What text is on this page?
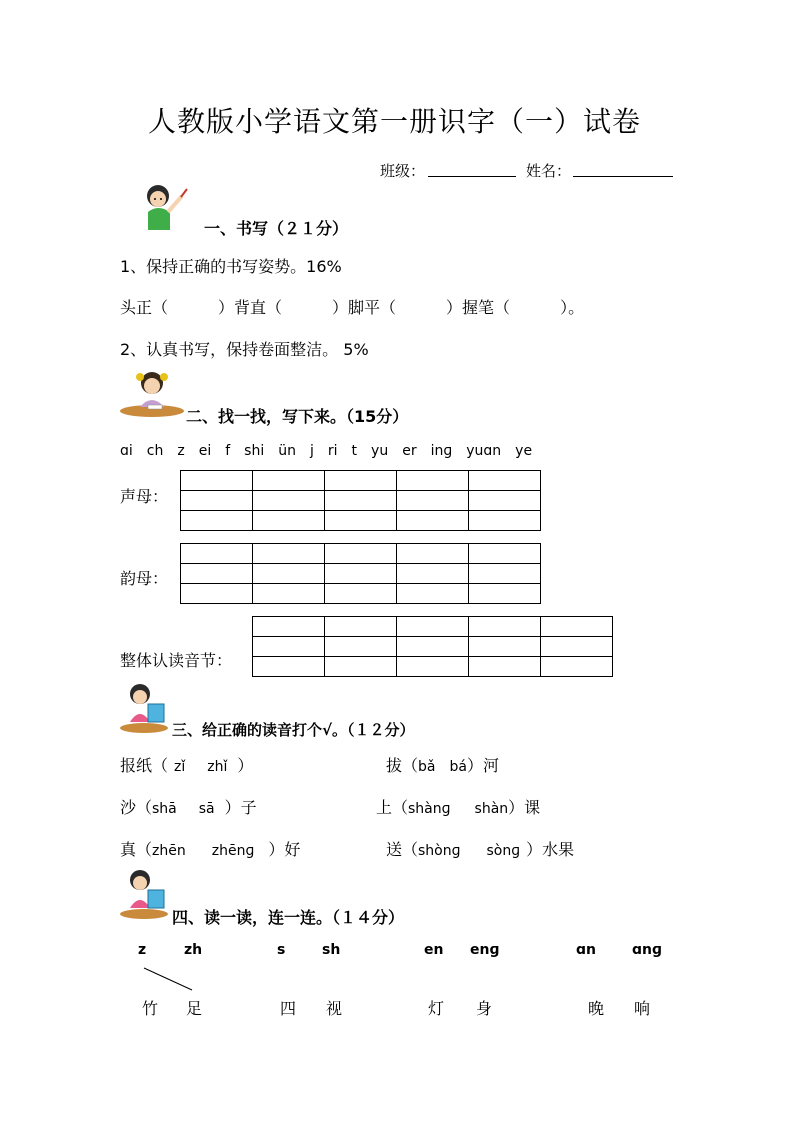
人教版小学语文第一册识字（一）试卷
班级：	姓名：
一、书写（２１分）
1、保持正确的书写姿势。16%
头正（	）背直（	）脚平（	）握笔（	）。
2、认真书写，保持卷面整洁。 5%
二、找一找，写下来。（15分）
ɑi ch z ei f shi ün j ri t yu er inɡ yuɑn ye
声母：

韵母：

整体认读音节：

三、给正确的读音打个√。（１２分）
报纸（ zǐ zhǐ ）	拔（bǎ bá）河
沙（shā sā ）子	上（shànɡ shàn）课
真（zhēn zhēnɡ ）好	送（shònɡ sònɡ ）水果
四、读一读，连一连。（１４分）
z	zh	s	sh	en enɡ	ɑn	ɑnɡ
竹 足	四 视	灯 身	晚 响
